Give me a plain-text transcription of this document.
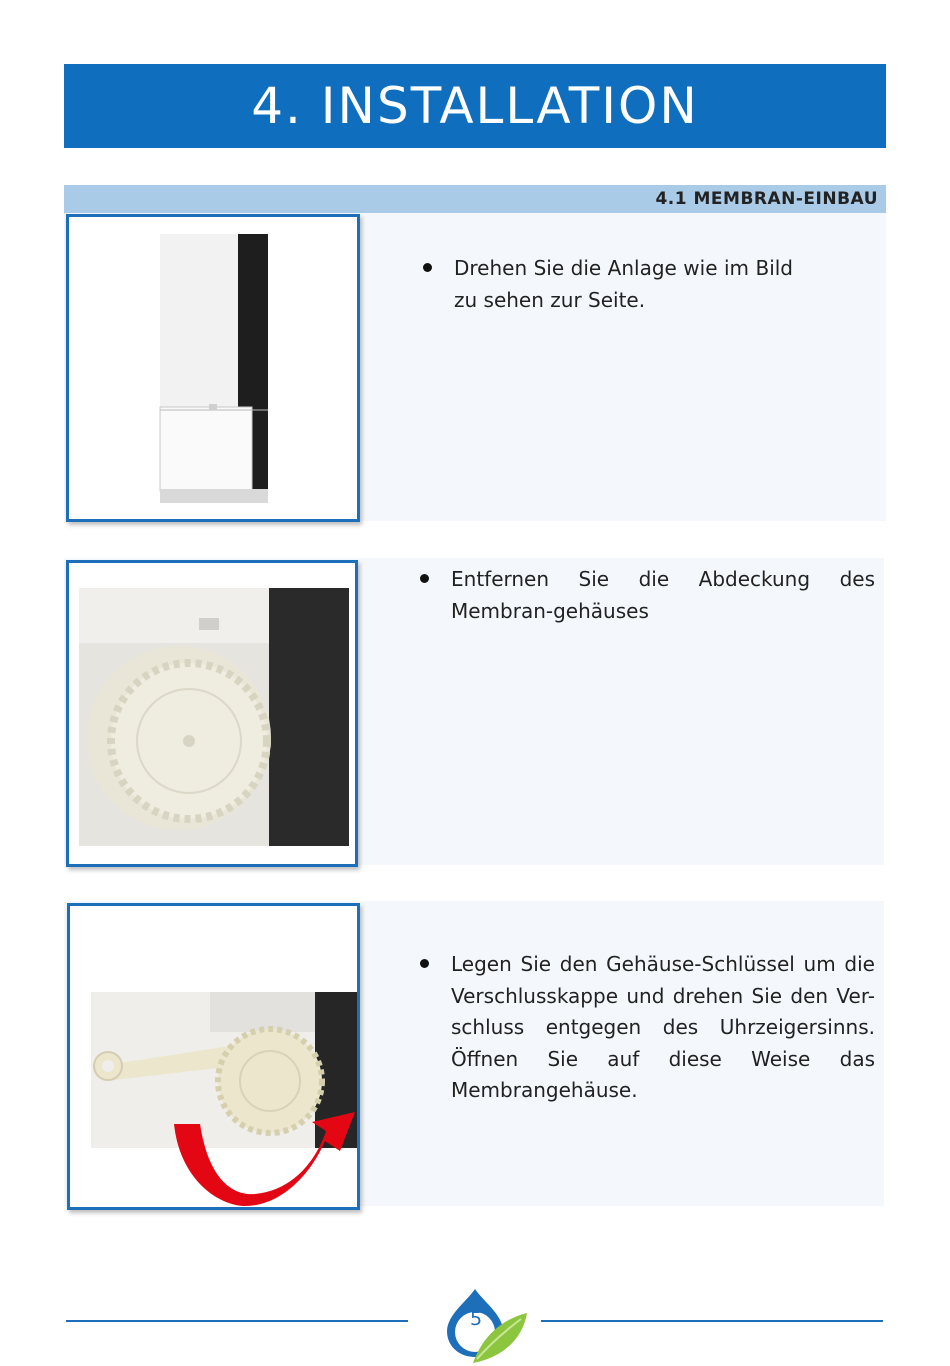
4. INSTALLATION
4.1 MEMBRAN-EINBAU

Drehen Sie die Anlage wie im Bild zu sehen zur Seite.

Entfernen Sie die Abdeckung des Membran-gehäuses

Legen Sie den Gehäuse-Schlüssel um die Verschlusskappe und drehen Sie den Ver-schluss entgegen des Uhrzeigersinns. Öffnen Sie auf diese Weise das Membrangehäuse.

5
